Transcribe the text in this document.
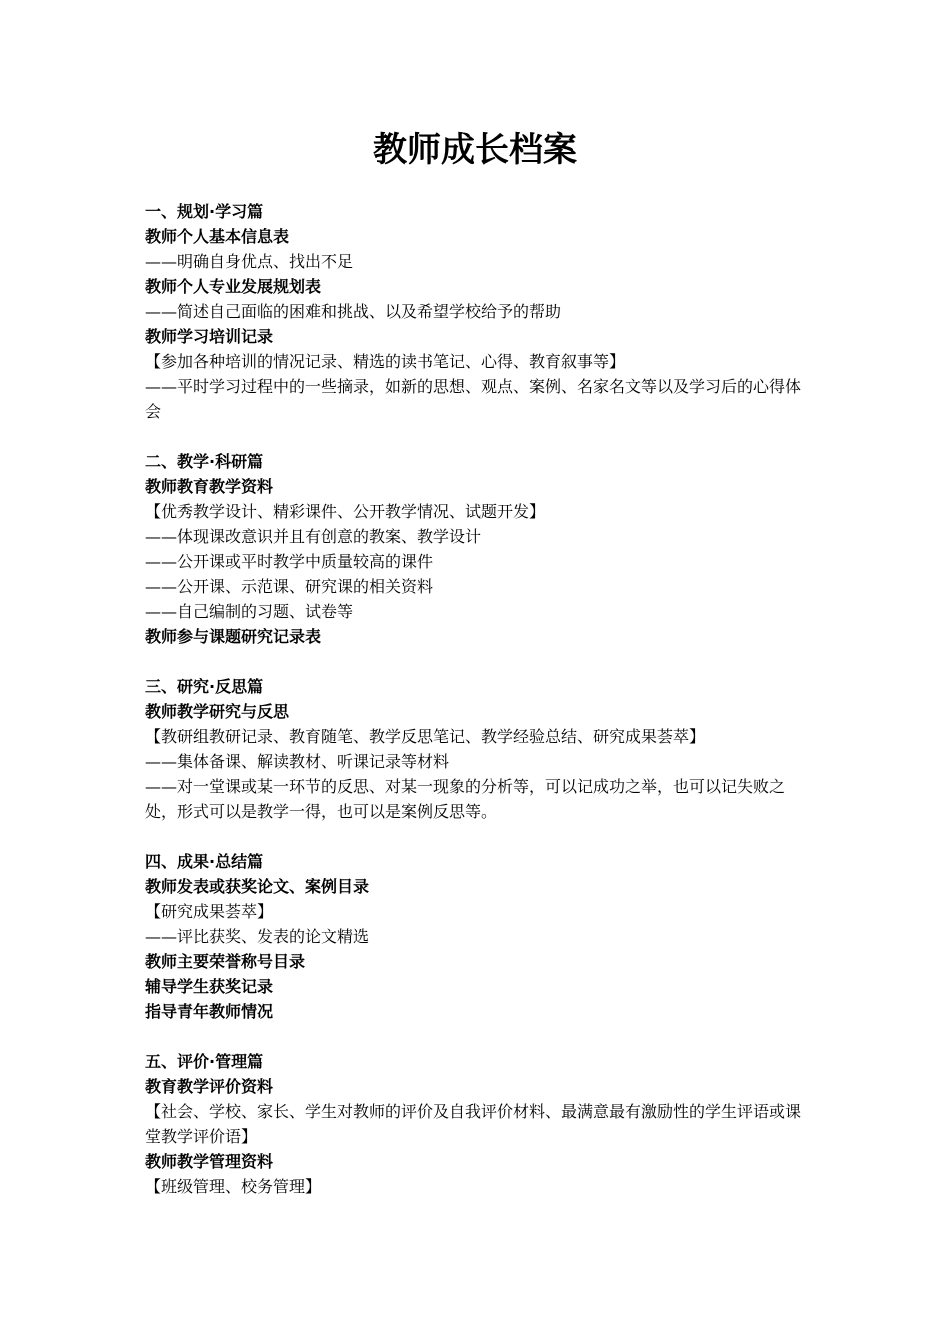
教师成长档案
一、规划·学习篇
教师个人基本信息表
——明确自身优点、找出不足
教师个人专业发展规划表
——简述自己面临的困难和挑战、以及希望学校给予的帮助
教师学习培训记录
【参加各种培训的情况记录、精选的读书笔记、心得、教育叙事等】
——平时学习过程中的一些摘录，如新的思想、观点、案例、名家名文等以及学习后的心得体会
二、教学·科研篇
教师教育教学资料
【优秀教学设计、精彩课件、公开教学情况、试题开发】
——体现课改意识并且有创意的教案、教学设计
——公开课或平时教学中质量较高的课件
——公开课、示范课、研究课的相关资料
——自己编制的习题、试卷等
教师参与课题研究记录表
三、研究·反思篇
教师教学研究与反思
【教研组教研记录、教育随笔、教学反思笔记、教学经验总结、研究成果荟萃】
——集体备课、解读教材、听课记录等材料
——对一堂课或某一环节的反思、对某一现象的分析等，可以记成功之举，也可以记失败之处，形式可以是教学一得，也可以是案例反思等。
四、成果·总结篇
教师发表或获奖论文、案例目录
【研究成果荟萃】
——评比获奖、发表的论文精选
教师主要荣誉称号目录
辅导学生获奖记录
指导青年教师情况
五、评价·管理篇
教育教学评价资料
【社会、学校、家长、学生对教师的评价及自我评价材料、最满意最有激励性的学生评语或课堂教学评价语】
教师教学管理资料
【班级管理、校务管理】
